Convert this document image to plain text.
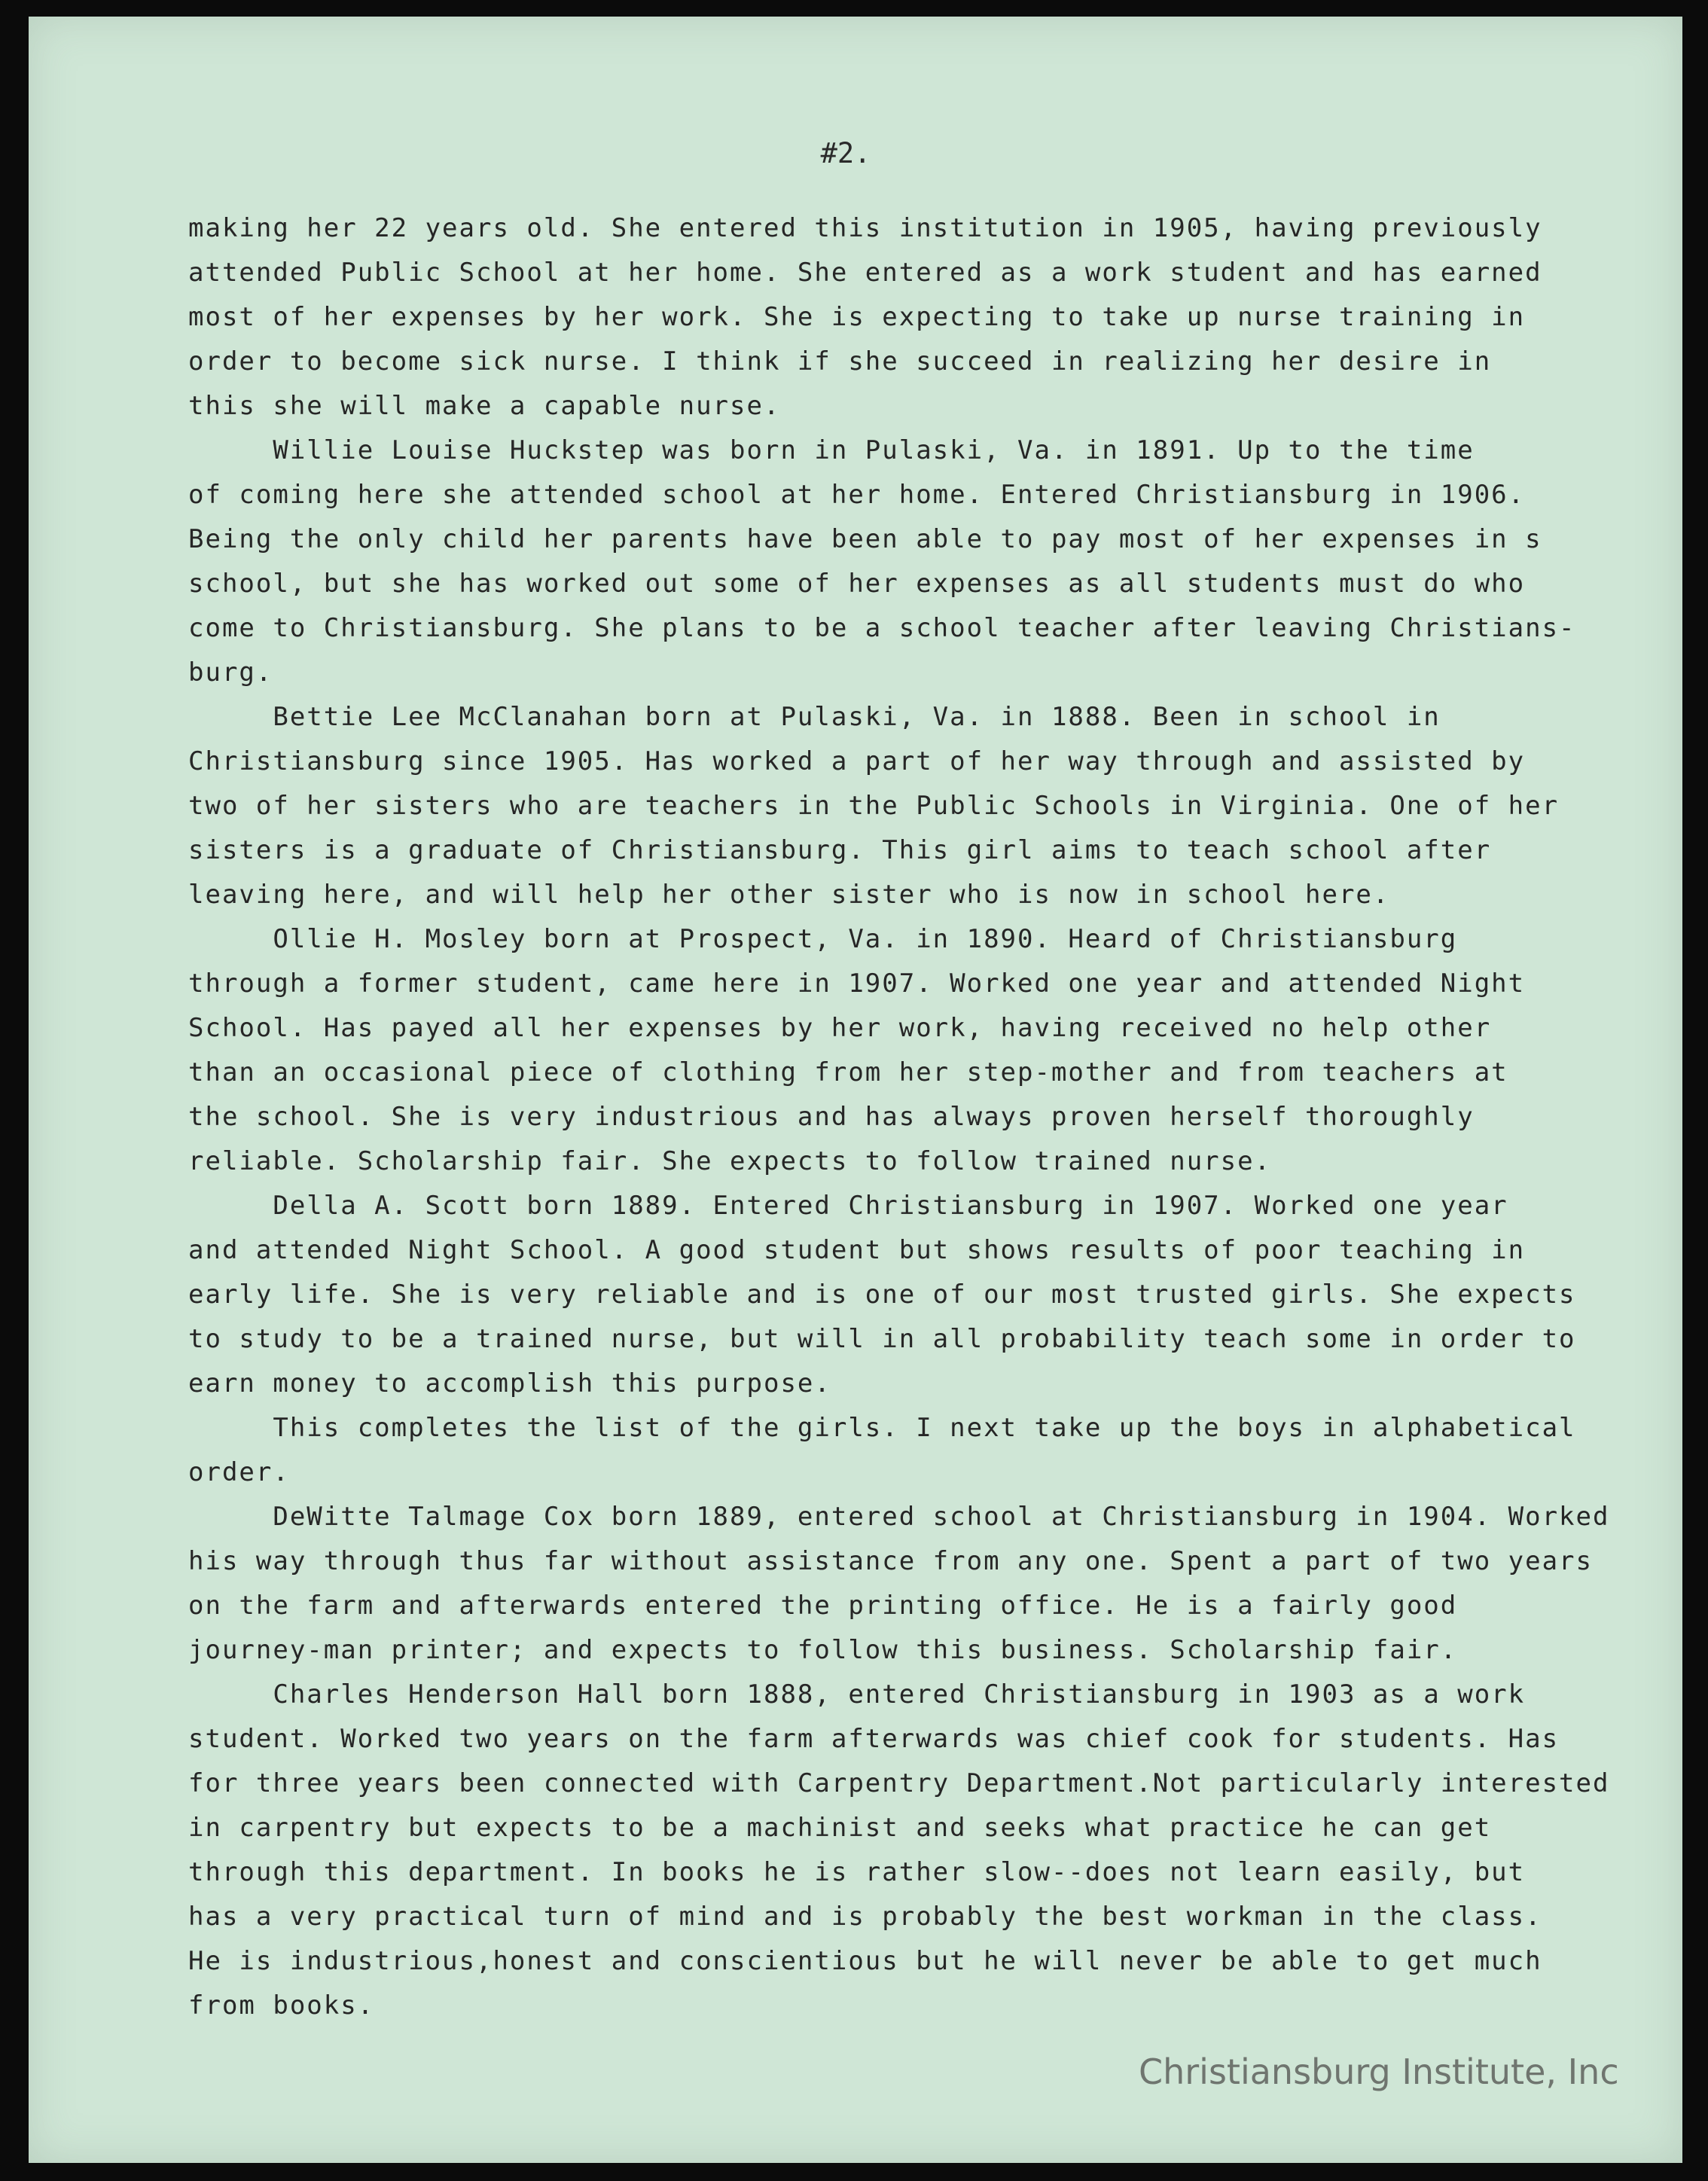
#2.
making her 22 years old. She entered this institution in 1905, having previously
attended Public School at her home. She entered as a work student and has earned
most of her expenses by her work. She is expecting to take up nurse training in
order to become sick nurse. I think if she succeed in realizing her desire in
this she will make a capable nurse.
Willie Louise Huckstep was born in Pulaski, Va. in 1891. Up to the time
of coming here she attended school at her home. Entered Christiansburg in 1906.
Being the only child her parents have been able to pay most of her expenses in s
school, but she has worked out some of her expenses as all students must do who
come to Christiansburg. She plans to be a school teacher after leaving Christians-
burg.
Bettie Lee McClanahan born at Pulaski, Va. in 1888. Been in school in
Christiansburg since 1905. Has worked a part of her way through and assisted by
two of her sisters who are teachers in the Public Schools in Virginia. One of her
sisters is a graduate of Christiansburg. This girl aims to teach school after
leaving here, and will help her other sister who is now in school here.
Ollie H. Mosley born at Prospect, Va. in 1890. Heard of Christiansburg
through a former student, came here in 1907. Worked one year and attended Night
School. Has payed all her expenses by her work, having received no help other
than an occasional piece of clothing from her step-mother and from teachers at
the school. She is very industrious and has always proven herself thoroughly
reliable. Scholarship fair. She expects to follow trained nurse.
Della A. Scott born 1889. Entered Christiansburg in 1907. Worked one year
and attended Night School. A good student but shows results of poor teaching in
early life. She is very reliable and is one of our most trusted girls. She expects
to study to be a trained nurse, but will in all probability teach some in order to
earn money to accomplish this purpose.
This completes the list of the girls. I next take up the boys in alphabetical
order.
DeWitte Talmage Cox born 1889, entered school at Christiansburg in 1904. Worked
his way through thus far without assistance from any one. Spent a part of two years
on the farm and afterwards entered the printing office. He is a fairly good
journey-man printer; and expects to follow this business. Scholarship fair.
Charles Henderson Hall born 1888, entered Christiansburg in 1903 as a work
student. Worked two years on the farm afterwards was chief cook for students. Has
for three years been connected with Carpentry Department.Not particularly interested
in carpentry but expects to be a machinist and seeks what practice he can get
through this department. In books he is rather slow--does not learn easily, but
has a very practical turn of mind and is probably the best workman in the class.
He is industrious,honest and conscientious but he will never be able to get much
from books.
Christiansburg Institute, Inc
